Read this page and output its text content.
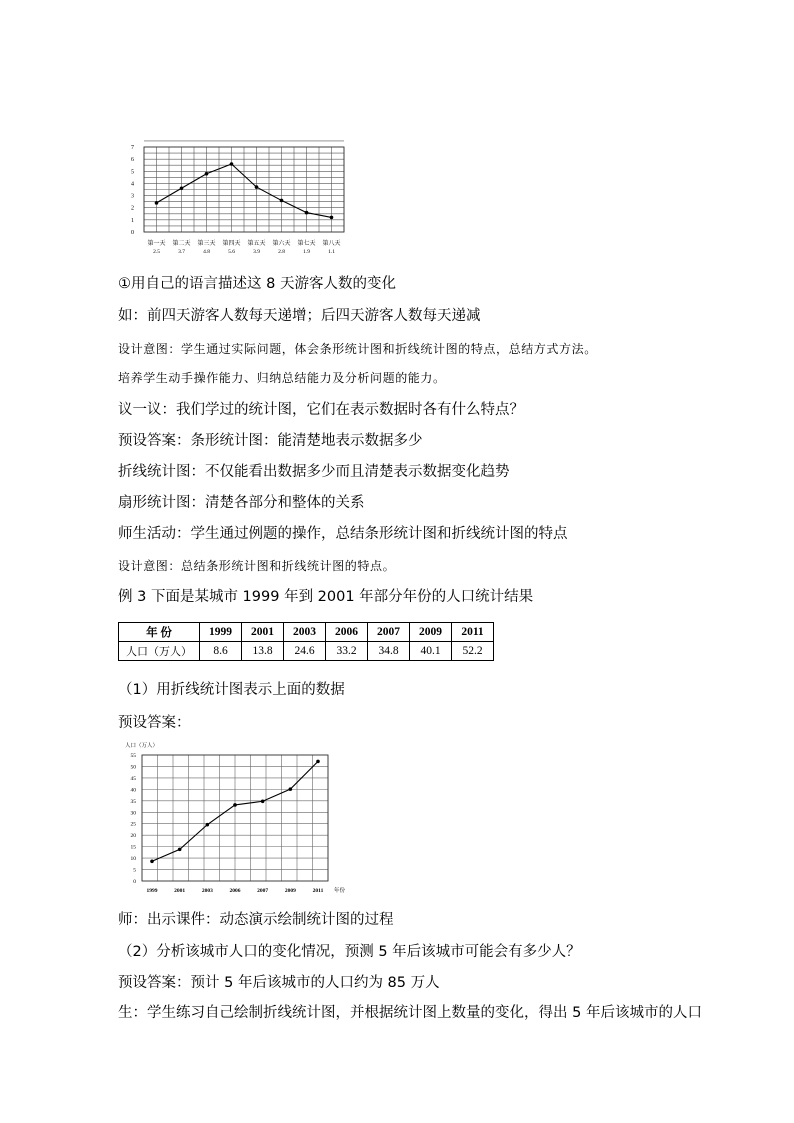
0
1
2
3
4
5
6
7
第一天
2.5
第二天
3.7
第三天
4.8
第四天
5.6
第五天
3.9
第六天
2.8
第七天
1.9
第八天
1.1
①用自己的语言描述这 8 天游客人数的变化
如：前四天游客人数每天递增；后四天游客人数每天递减
设计意图：学生通过实际问题，体会条形统计图和折线统计图的特点，总结方式方法。
培养学生动手操作能力、归纳总结能力及分析问题的能力。
议一议：我们学过的统计图，它们在表示数据时各有什么特点？
预设答案：条形统计图：能清楚地表示数据多少
折线统计图：不仅能看出数据多少而且清楚表示数据变化趋势
扇形统计图：清楚各部分和整体的关系
师生活动：学生通过例题的操作，总结条形统计图和折线统计图的特点
设计意图：总结条形统计图和折线统计图的特点。
例 3 下面是某城市 1999 年到 2001 年部分年份的人口统计结果
年 份	1999	2001	2003	2006	2007	2009	2011
人口（万人）	8.6	13.8	24.6	33.2	34.8	40.1	52.2
（1）用折线统计图表示上面的数据
预设答案：
0
5
10
15
20
25
30
35
40
45
50
55
人口（万人）
年份
1999	2001	2003	2006	2007	2009	2011
师：出示课件：动态演示绘制统计图的过程
（2）分析该城市人口的变化情况，预测 5 年后该城市可能会有多少人？
预设答案：预计 5 年后该城市的人口约为 85 万人
生：学生练习自己绘制折线统计图，并根据统计图上数量的变化，得出 5 年后该城市的人口
